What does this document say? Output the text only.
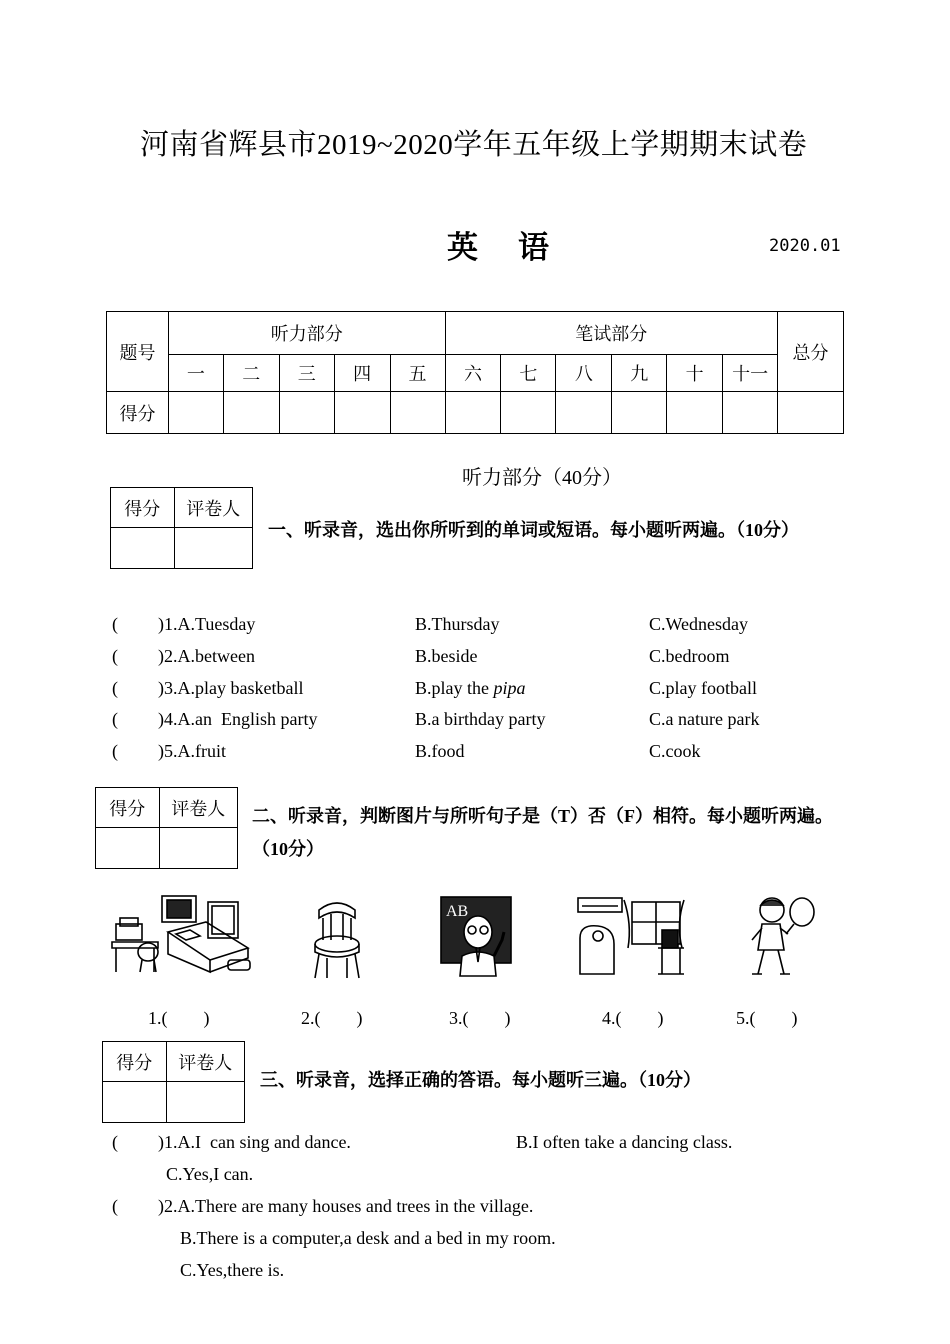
河南省辉县市2019~2020学年五年级上学期期末试卷
英语	2020.01
题号	听力部分					笔试部分						总分
	一	二	三	四	五	六	七	八	九	十	十一	
得分												
听力部分（40分）
得分	评卷人

一、听录音，选出你所听到的单词或短语。每小题听两遍。（10分）
( )1.A.Tuesday	B.Thursday	C.Wednesday
( )2.A.between	B.beside	C.bedroom
( )3.A.play basketball	B.play the pipa	C.play football
( )4.A.an  English party	B.a birthday party	C.a nature park
( )5.A.fruit	B.food	C.cook
得分	评卷人
	二、听录音，判断图片与所听句子是（T）否（F）相符。每小题听两遍。（10分）
AB
1.(        )	2.(        )	3.(        )	4.(        )	5.(        )
得分	评卷人

三、听录音，选择正确的答语。每小题听三遍。（10分）
( )1.A.I  can sing and dance.	B.I often take a dancing class.
C.Yes,I can.
( )2.A.There are many houses and trees in the village.
B.There is a computer,a desk and a bed in my room.
C.Yes,there is.
